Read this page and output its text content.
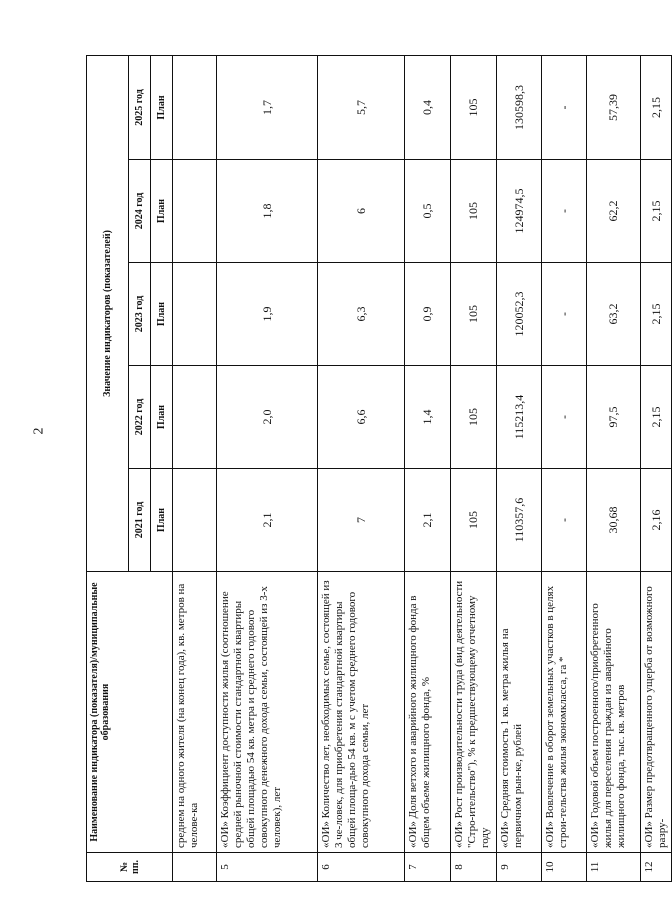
2
№ пп.	Наименование индикатора (показателя)/муниципальные образования	Значение индикаторов (показателей)				
		2021 год	2022 год	2023 год	2024 год	2025 год
		План	План	План	План	План
	среднем на одного жителя (на конец года), кв. метров на челове-ка					
5	«ОИ» Коэффициент доступности жилья (соотношение средней рыночной стоимости стандартной квартиры общей площадью 54 кв. метра и среднего годового совокупного денежного дохода семьи, состоящей из 3-х человек), лет	2,1	2,0	1,9	1,8	1,7
6	«ОИ» Количество лет, необходимых семье, состоящей из 3 че-ловек, для приобретения стандартной квартиры общей площа-дью 54 кв. м с учетом среднего годового совокупного дохода семьи, лет	7	6,6	6,3	6	5,7
7	«ОИ» Доля ветхого и аварийного жилищного фонда в общем объеме жилищного фонда, %	2,1	1,4	0,9	0,5	0,4
8	«ОИ» Рост производительности труда (вид деятельности "Стро-ительство"), % к предшествующему отчетному году	105	105	105	105	105
9	«ОИ» Средняя стоимость 1 кв. метра жилья на первичном рын-ке, рублей	110357,6	115213,4	120052,3	124974,5	130598,3
10	«ОИ» Вовлечение в оборот земельных участков в целях строи-тельства жилья экономкласса, га *	-	-	-	-	-
11	«ОИ» Годовой объем построенного/приобретенного жилья для переселения граждан из аварийного жилищного фонда, тыс. кв. метров	30,68	97,5	63,2	62,2	57,39
12	«ОИ» Размер предотвращенного ущерба от возможного разру-	2,16	2,15	2,15	2,15	2,15
